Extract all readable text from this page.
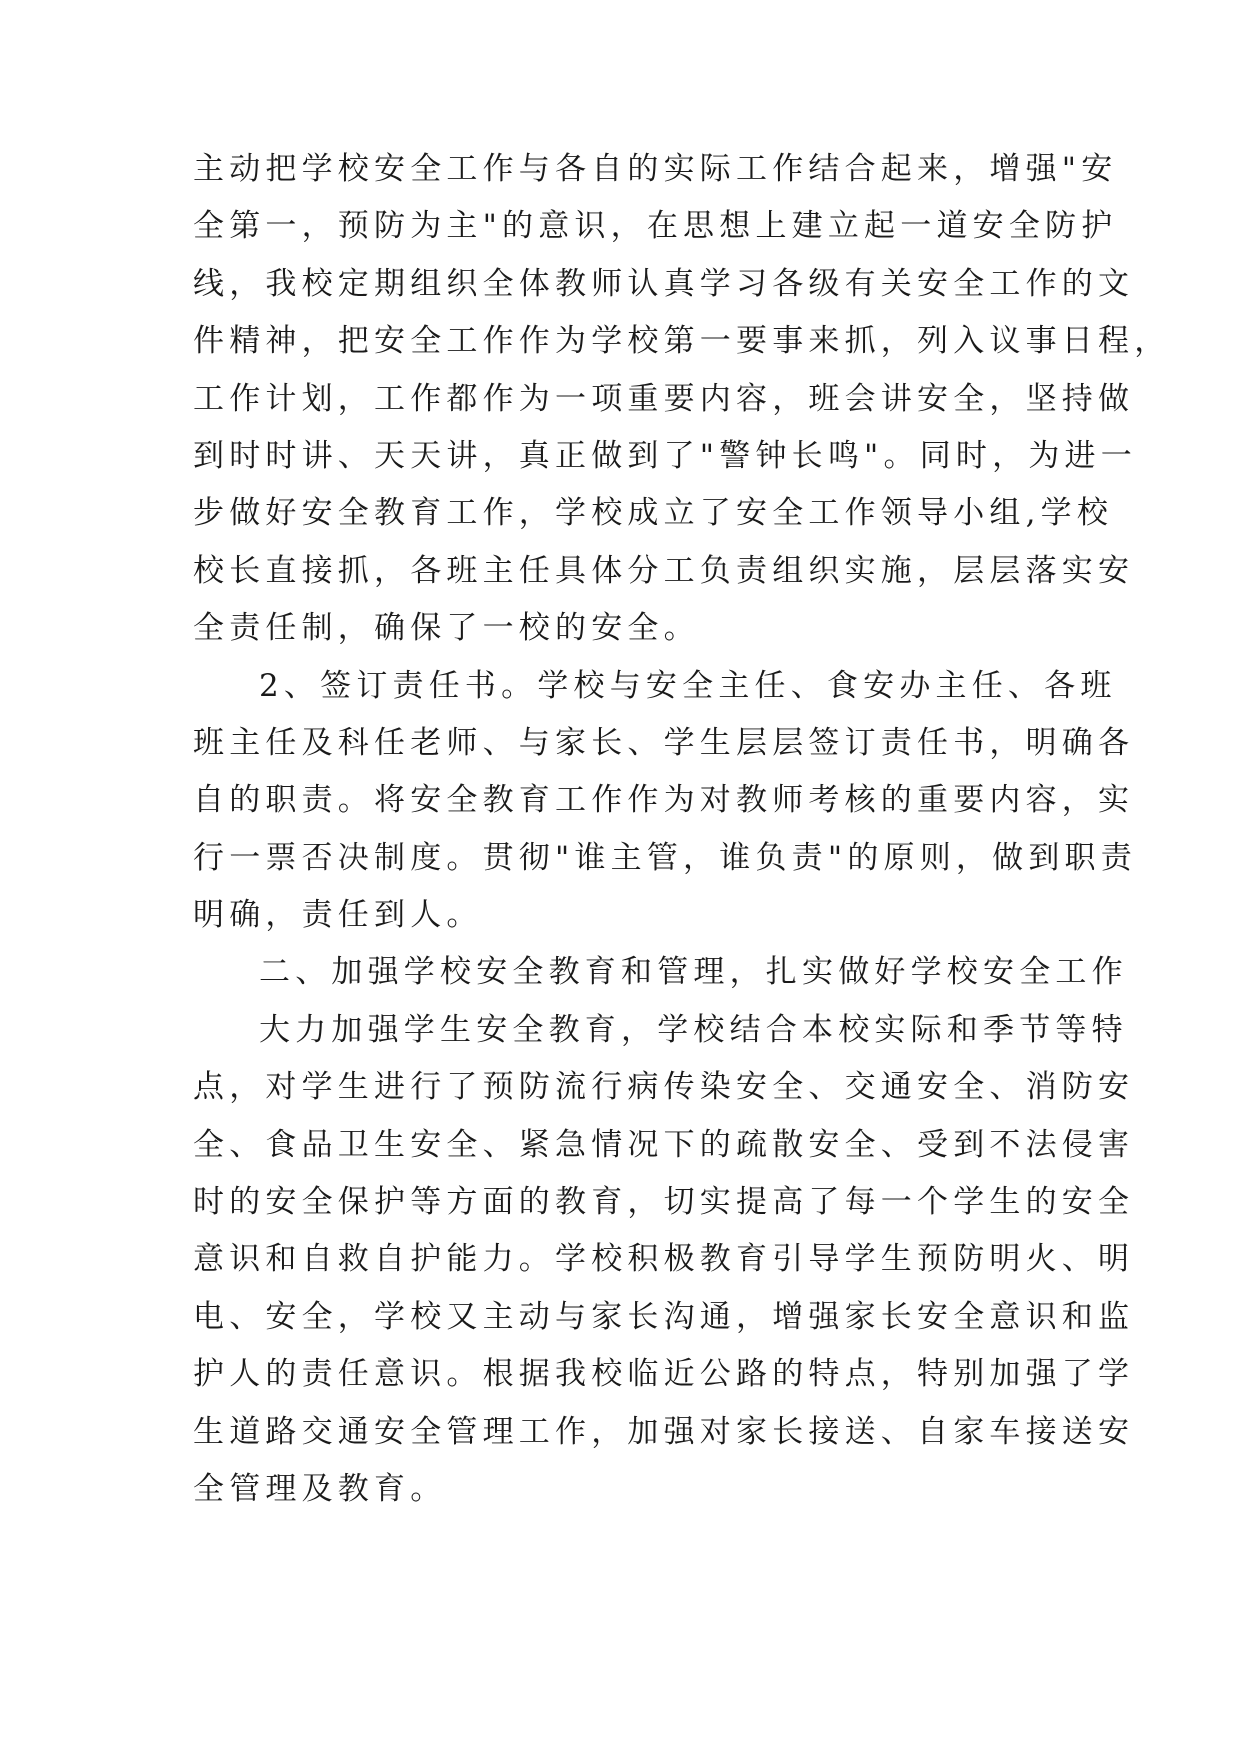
主动把学校安全工作与各自的实际工作结合起来，增强"安
全第一，预防为主"的意识，在思想上建立起一道安全防护
线，我校定期组织全体教师认真学习各级有关安全工作的文
件精神，把安全工作作为学校第一要事来抓，列入议事日程，
工作计划，工作都作为一项重要内容，班会讲安全，坚持做
到时时讲、天天讲，真正做到了"警钟长鸣"。同时，为进一
步做好安全教育工作，学校成立了安全工作领导小组,学校
校长直接抓，各班主任具体分工负责组织实施，层层落实安
全责任制，确保了一校的安全。
2、签订责任书。学校与安全主任、食安办主任、各班
班主任及科任老师、与家长、学生层层签订责任书，明确各
自的职责。将安全教育工作作为对教师考核的重要内容，实
行一票否决制度。贯彻"谁主管，谁负责"的原则，做到职责
明确，责任到人。
二、加强学校安全教育和管理，扎实做好学校安全工作
大力加强学生安全教育，学校结合本校实际和季节等特
点，对学生进行了预防流行病传染安全、交通安全、消防安
全、食品卫生安全、紧急情况下的疏散安全、受到不法侵害
时的安全保护等方面的教育，切实提高了每一个学生的安全
意识和自救自护能力。学校积极教育引导学生预防明火、明
电、安全，学校又主动与家长沟通，增强家长安全意识和监
护人的责任意识。根据我校临近公路的特点，特别加强了学
生道路交通安全管理工作，加强对家长接送、自家车接送安
全管理及教育。
